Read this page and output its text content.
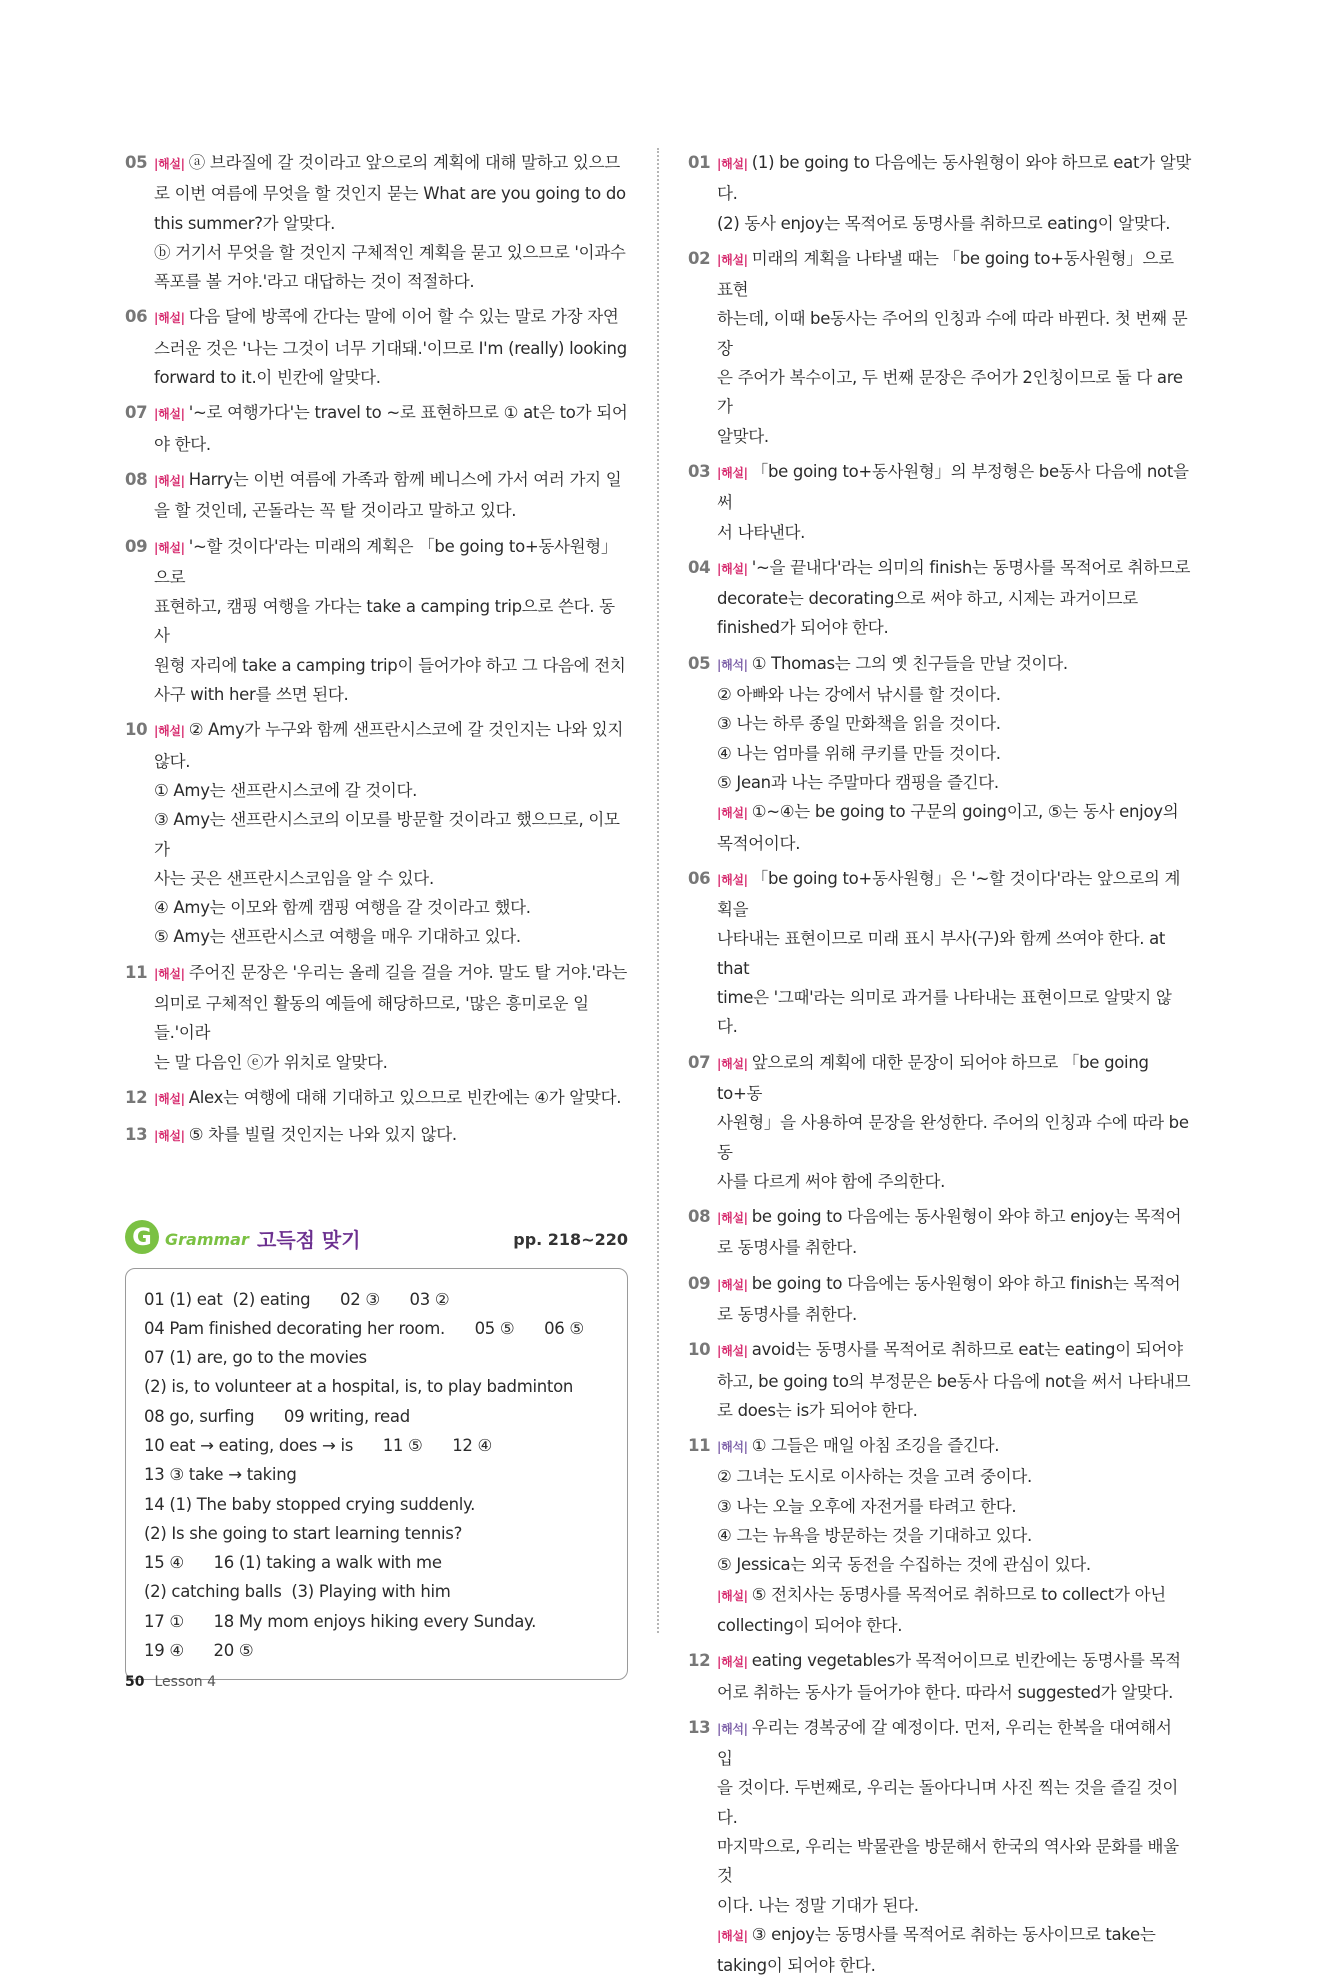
05 |해설| ⓐ 브라질에 갈 것이라고 앞으로의 계획에 대해 말하고 있으므
로 이번 여름에 무엇을 할 것인지 묻는 What are you going to do
this summer?가 알맞다.
ⓑ 거기서 무엇을 할 것인지 구체적인 계획을 묻고 있으므로 '이과수
폭포를 볼 거야.'라고 대답하는 것이 적절하다.
06 |해설| 다음 달에 방콕에 간다는 말에 이어 할 수 있는 말로 가장 자연
스러운 것은 '나는 그것이 너무 기대돼.'이므로 I'm (really) looking
forward to it.이 빈칸에 알맞다.
07 |해설| '~로 여행가다'는 travel to ~로 표현하므로 ① at은 to가 되어
야 한다.
08 |해설| Harry는 이번 여름에 가족과 함께 베니스에 가서 여러 가지 일
을 할 것인데, 곤돌라는 꼭 탈 것이라고 말하고 있다.
09 |해설| '~할 것이다'라는 미래의 계획은 「be going to+동사원형」으로
표현하고, 캠핑 여행을 가다는 take a camping trip으로 쓴다. 동사
원형 자리에 take a camping trip이 들어가야 하고 그 다음에 전치
사구 with her를 쓰면 된다.
10 |해설| ② Amy가 누구와 함께 샌프란시스코에 갈 것인지는 나와 있지
않다.
① Amy는 샌프란시스코에 갈 것이다.
③ Amy는 샌프란시스코의 이모를 방문할 것이라고 했으므로, 이모가
사는 곳은 샌프란시스코임을 알 수 있다.
④ Amy는 이모와 함께 캠핑 여행을 갈 것이라고 했다.
⑤ Amy는 샌프란시스코 여행을 매우 기대하고 있다.
11 |해설| 주어진 문장은 '우리는 올레 길을 걸을 거야. 말도 탈 거야.'라는
의미로 구체적인 활동의 예들에 해당하므로, '많은 흥미로운 일들.'이라
는 말 다음인 ⓔ가 위치로 알맞다.
12 |해설| Alex는 여행에 대해 기대하고 있으므로 빈칸에는 ④가 알맞다.
13 |해설| ⑤ 차를 빌릴 것인지는 나와 있지 않다.
G Grammar 고득점 맞기	pp. 218~220
01 (1) eat  (2) eating      02 ③      03 ②
04 Pam finished decorating her room.      05 ⑤      06 ⑤
07 (1) are, go to the movies
(2) is, to volunteer at a hospital, is, to play badminton
08 go, surfing      09 writing, read
10 eat → eating, does → is      11 ⑤      12 ④
13 ③ take → taking
14 (1) The baby stopped crying suddenly.
(2) Is she going to start learning tennis?
15 ④      16 (1) taking a walk with me
(2) catching balls  (3) Playing with him
17 ①      18 My mom enjoys hiking every Sunday.
19 ④      20 ⑤
01 |해설| (1) be going to 다음에는 동사원형이 와야 하므로 eat가 알맞
다.
(2) 동사 enjoy는 목적어로 동명사를 취하므로 eating이 알맞다.
02 |해설| 미래의 계획을 나타낼 때는 「be going to+동사원형」으로 표현
하는데, 이때 be동사는 주어의 인칭과 수에 따라 바뀐다. 첫 번째 문장
은 주어가 복수이고, 두 번째 문장은 주어가 2인칭이므로 둘 다 are가
알맞다.
03 |해설| 「be going to+동사원형」의 부정형은 be동사 다음에 not을 써
서 나타낸다.
04 |해설| '~을 끝내다'라는 의미의 finish는 동명사를 목적어로 취하므로
decorate는 decorating으로 써야 하고, 시제는 과거이므로
finished가 되어야 한다.
05 |해석| ① Thomas는 그의 옛 친구들을 만날 것이다.
② 아빠와 나는 강에서 낚시를 할 것이다.
③ 나는 하루 종일 만화책을 읽을 것이다.
④ 나는 엄마를 위해 쿠키를 만들 것이다.
⑤ Jean과 나는 주말마다 캠핑을 즐긴다.
|해설| ①~④는 be going to 구문의 going이고, ⑤는 동사 enjoy의
목적어이다.
06 |해설| 「be going to+동사원형」은 '~할 것이다'라는 앞으로의 계획을
나타내는 표현이므로 미래 표시 부사(구)와 함께 쓰여야 한다. at that
time은 '그때'라는 의미로 과거를 나타내는 표현이므로 알맞지 않다.
07 |해설| 앞으로의 계획에 대한 문장이 되어야 하므로 「be going to+동
사원형」을 사용하여 문장을 완성한다. 주어의 인칭과 수에 따라 be동
사를 다르게 써야 함에 주의한다.
08 |해설| be going to 다음에는 동사원형이 와야 하고 enjoy는 목적어
로 동명사를 취한다.
09 |해설| be going to 다음에는 동사원형이 와야 하고 finish는 목적어
로 동명사를 취한다.
10 |해설| avoid는 동명사를 목적어로 취하므로 eat는 eating이 되어야
하고, be going to의 부정문은 be동사 다음에 not을 써서 나타내므
로 does는 is가 되어야 한다.
11 |해석| ① 그들은 매일 아침 조깅을 즐긴다.
② 그녀는 도시로 이사하는 것을 고려 중이다.
③ 나는 오늘 오후에 자전거를 타려고 한다.
④ 그는 뉴욕을 방문하는 것을 기대하고 있다.
⑤ Jessica는 외국 동전을 수집하는 것에 관심이 있다.
|해설| ⑤ 전치사는 동명사를 목적어로 취하므로 to collect가 아닌
collecting이 되어야 한다.
12 |해설| eating vegetables가 목적어이므로 빈칸에는 동명사를 목적
어로 취하는 동사가 들어가야 한다. 따라서 suggested가 알맞다.
13 |해석| 우리는 경복궁에 갈 예정이다. 먼저, 우리는 한복을 대여해서 입
을 것이다. 두번째로, 우리는 돌아다니며 사진 찍는 것을 즐길 것이다.
마지막으로, 우리는 박물관을 방문해서 한국의 역사와 문화를 배울 것
이다. 나는 정말 기대가 된다.
|해설| ③ enjoy는 동명사를 목적어로 취하는 동사이므로 take는
taking이 되어야 한다.
50 Lesson 4
